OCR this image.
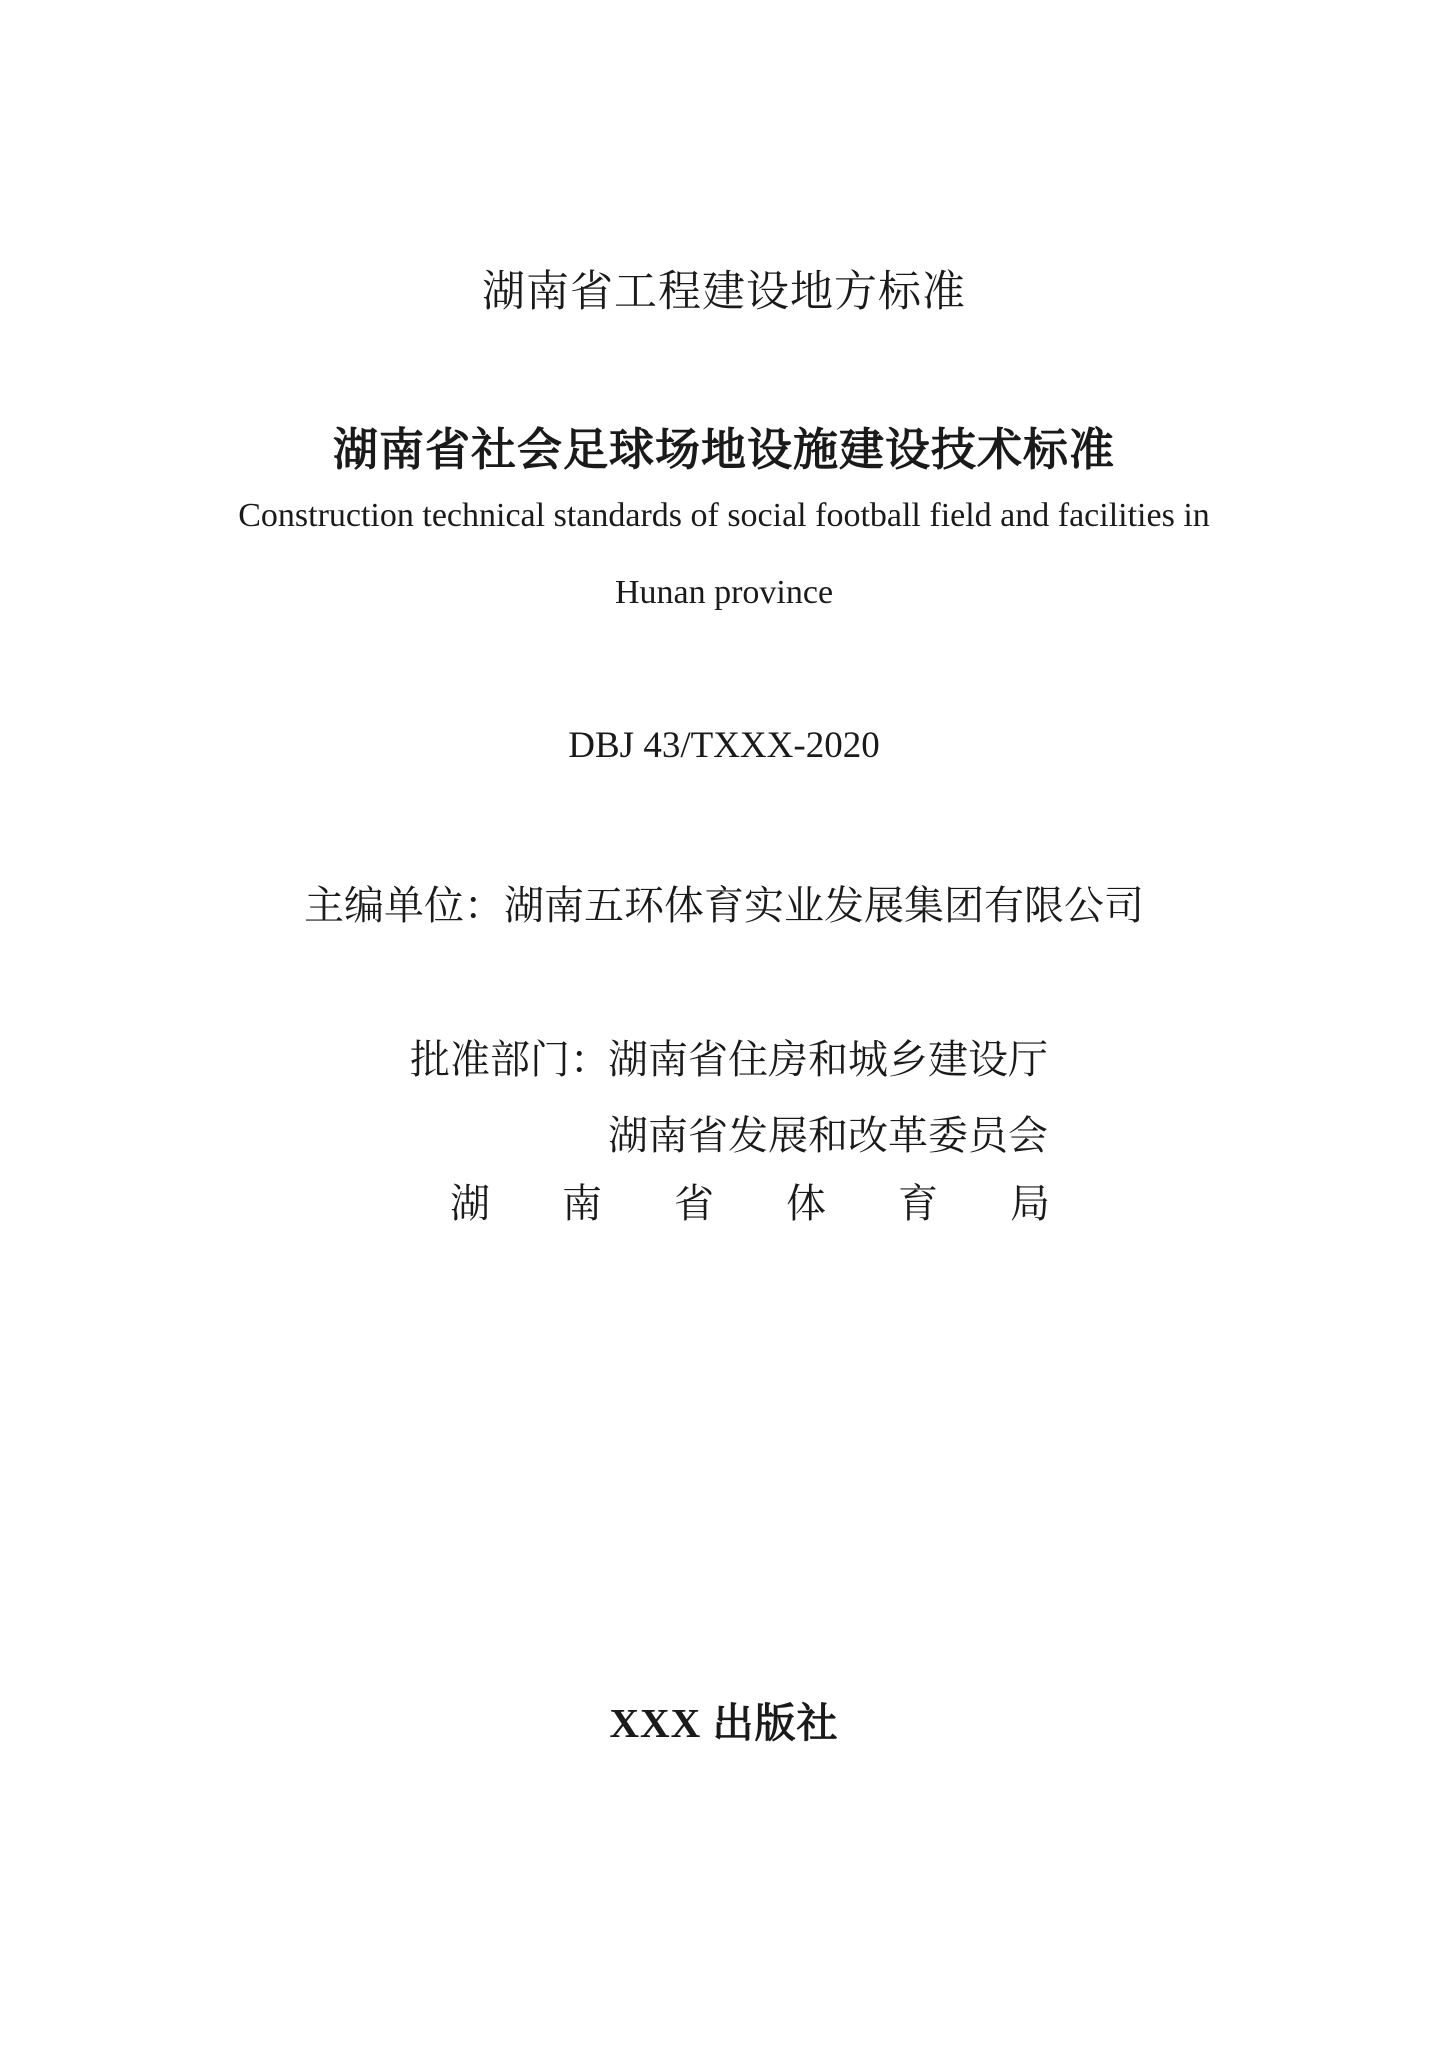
湖南省工程建设地方标准
湖南省社会足球场地设施建设技术标准
Construction technical standards of social football field and facilities in
Hunan province
DBJ 43/TXXX-2020
主编单位：湖南五环体育实业发展集团有限公司
批准部门：
湖南省住房和城乡建设厅
湖南省发展和改革委员会
湖 南 省 体 育 局
XXX 出版社
